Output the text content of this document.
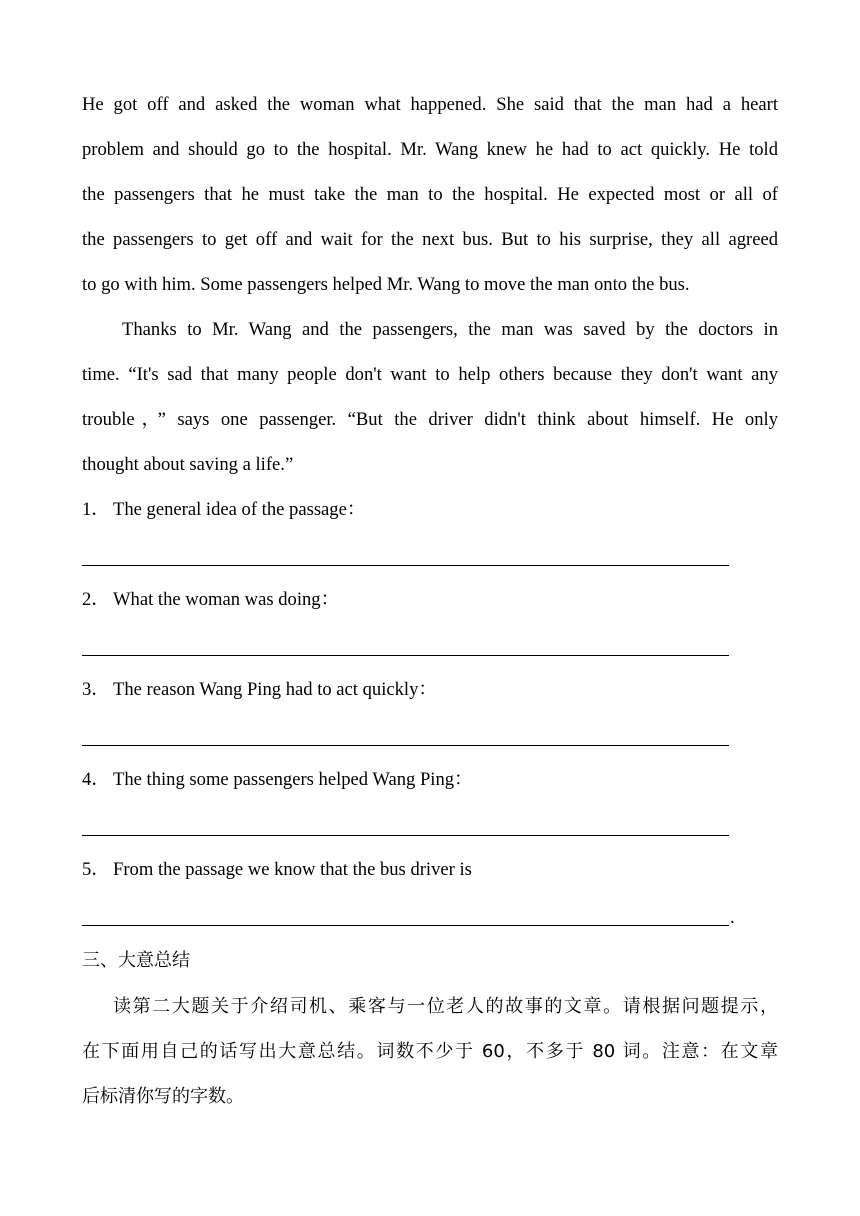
He got off and asked the woman what happened. She said that the man had a heart
problem and should go to the hospital. Mr. Wang knew he had to act quickly. He told
the passengers that he must take the man to the hospital. He expected most or all of
the passengers to get off and wait for the next bus. But to his surprise, they all agreed
to go with him. Some passengers helped Mr. Wang to move the man onto the bus.
Thanks to Mr. Wang and the passengers, the man was saved by the doctors in
time. “It's sad that many people don't want to help others because they don't want any
trouble，” says one passenger. “But the driver didn't think about himself. He only
thought about saving a life.”
1． The general idea of the passage：
2． What the woman was doing：
3． The reason Wang Ping had to act quickly：
4． The thing some passengers helped Wang Ping：
5． From the passage we know that the bus driver is
.
三、大意总结
读第二大题关于介绍司机、乘客与一位老人的故事的文章。请根据问题提示，
在下面用自己的话写出大意总结。词数不少于 60，不多于 80 词。注意：在文章
后标清你写的字数。
